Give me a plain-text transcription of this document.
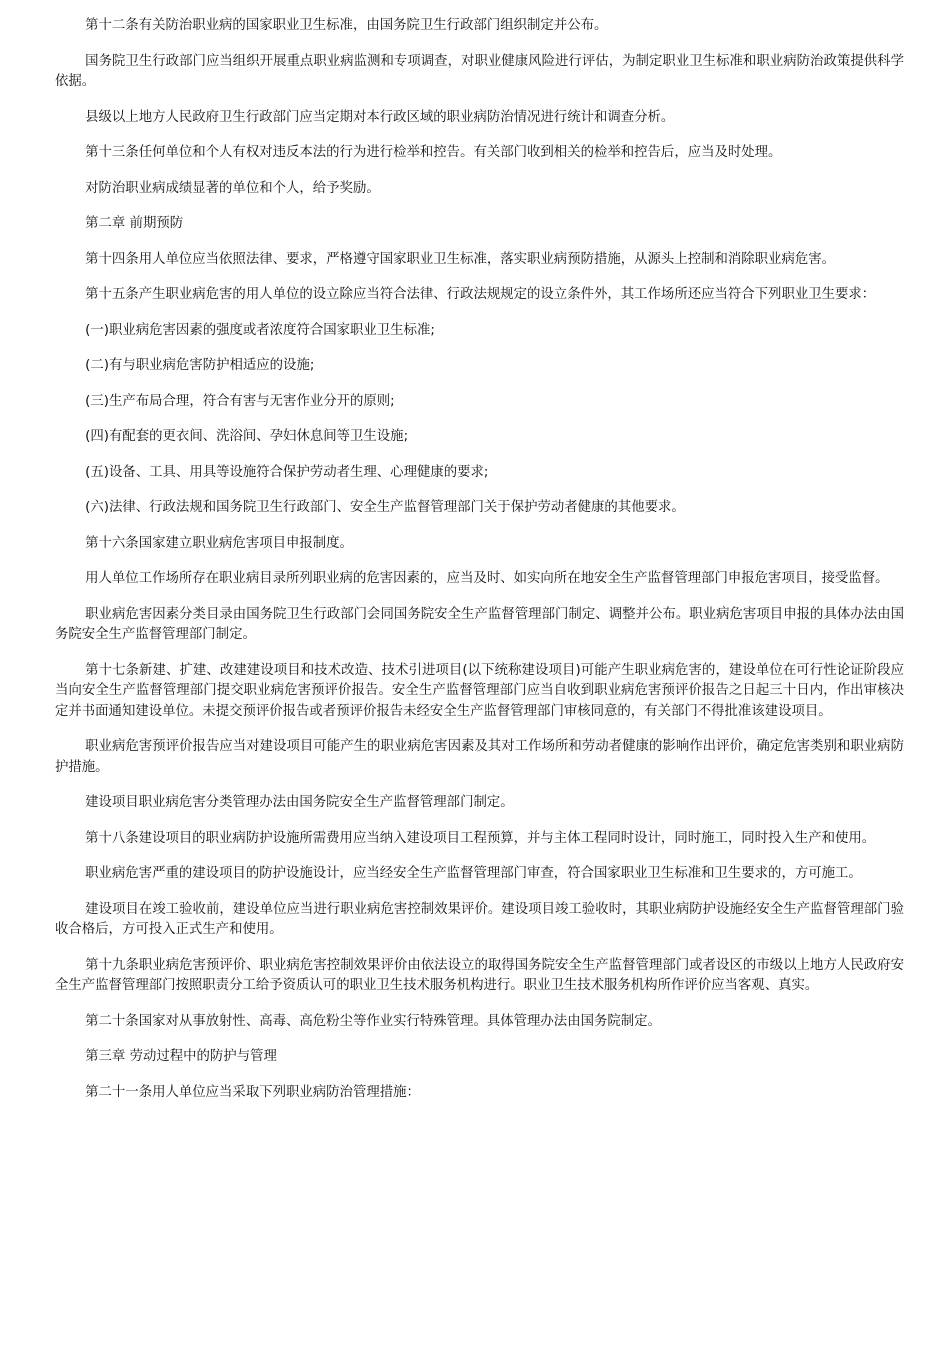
第十二条有关防治职业病的国家职业卫生标准，由国务院卫生行政部门组织制定并公布。

国务院卫生行政部门应当组织开展重点职业病监测和专项调查，对职业健康风险进行评估，为制定职业卫生标准和职业病防治政策提供科学依据。

县级以上地方人民政府卫生行政部门应当定期对本行政区域的职业病防治情况进行统计和调查分析。

第十三条任何单位和个人有权对违反本法的行为进行检举和控告。有关部门收到相关的检举和控告后，应当及时处理。

对防治职业病成绩显著的单位和个人，给予奖励。

第二章 前期预防

第十四条用人单位应当依照法律、要求，严格遵守国家职业卫生标准，落实职业病预防措施，从源头上控制和消除职业病危害。

第十五条产生职业病危害的用人单位的设立除应当符合法律、行政法规规定的设立条件外，其工作场所还应当符合下列职业卫生要求：

(一)职业病危害因素的强度或者浓度符合国家职业卫生标准;

(二)有与职业病危害防护相适应的设施;

(三)生产布局合理，符合有害与无害作业分开的原则;

(四)有配套的更衣间、洗浴间、孕妇休息间等卫生设施;

(五)设备、工具、用具等设施符合保护劳动者生理、心理健康的要求;

(六)法律、行政法规和国务院卫生行政部门、安全生产监督管理部门关于保护劳动者健康的其他要求。

第十六条国家建立职业病危害项目申报制度。

用人单位工作场所存在职业病目录所列职业病的危害因素的，应当及时、如实向所在地安全生产监督管理部门申报危害项目，接受监督。

职业病危害因素分类目录由国务院卫生行政部门会同国务院安全生产监督管理部门制定、调整并公布。职业病危害项目申报的具体办法由国务院安全生产监督管理部门制定。

第十七条新建、扩建、改建建设项目和技术改造、技术引进项目(以下统称建设项目)可能产生职业病危害的，建设单位在可行性论证阶段应当向安全生产监督管理部门提交职业病危害预评价报告。安全生产监督管理部门应当自收到职业病危害预评价报告之日起三十日内，作出审核决定并书面通知建设单位。未提交预评价报告或者预评价报告未经安全生产监督管理部门审核同意的，有关部门不得批准该建设项目。

职业病危害预评价报告应当对建设项目可能产生的职业病危害因素及其对工作场所和劳动者健康的影响作出评价，确定危害类别和职业病防护措施。

建设项目职业病危害分类管理办法由国务院安全生产监督管理部门制定。

第十八条建设项目的职业病防护设施所需费用应当纳入建设项目工程预算，并与主体工程同时设计，同时施工，同时投入生产和使用。

职业病危害严重的建设项目的防护设施设计，应当经安全生产监督管理部门审查，符合国家职业卫生标准和卫生要求的，方可施工。

建设项目在竣工验收前，建设单位应当进行职业病危害控制效果评价。建设项目竣工验收时，其职业病防护设施经安全生产监督管理部门验收合格后，方可投入正式生产和使用。

第十九条职业病危害预评价、职业病危害控制效果评价由依法设立的取得国务院安全生产监督管理部门或者设区的市级以上地方人民政府安全生产监督管理部门按照职责分工给予资质认可的职业卫生技术服务机构进行。职业卫生技术服务机构所作评价应当客观、真实。

第二十条国家对从事放射性、高毒、高危粉尘等作业实行特殊管理。具体管理办法由国务院制定。

第三章 劳动过程中的防护与管理

第二十一条用人单位应当采取下列职业病防治管理措施：
